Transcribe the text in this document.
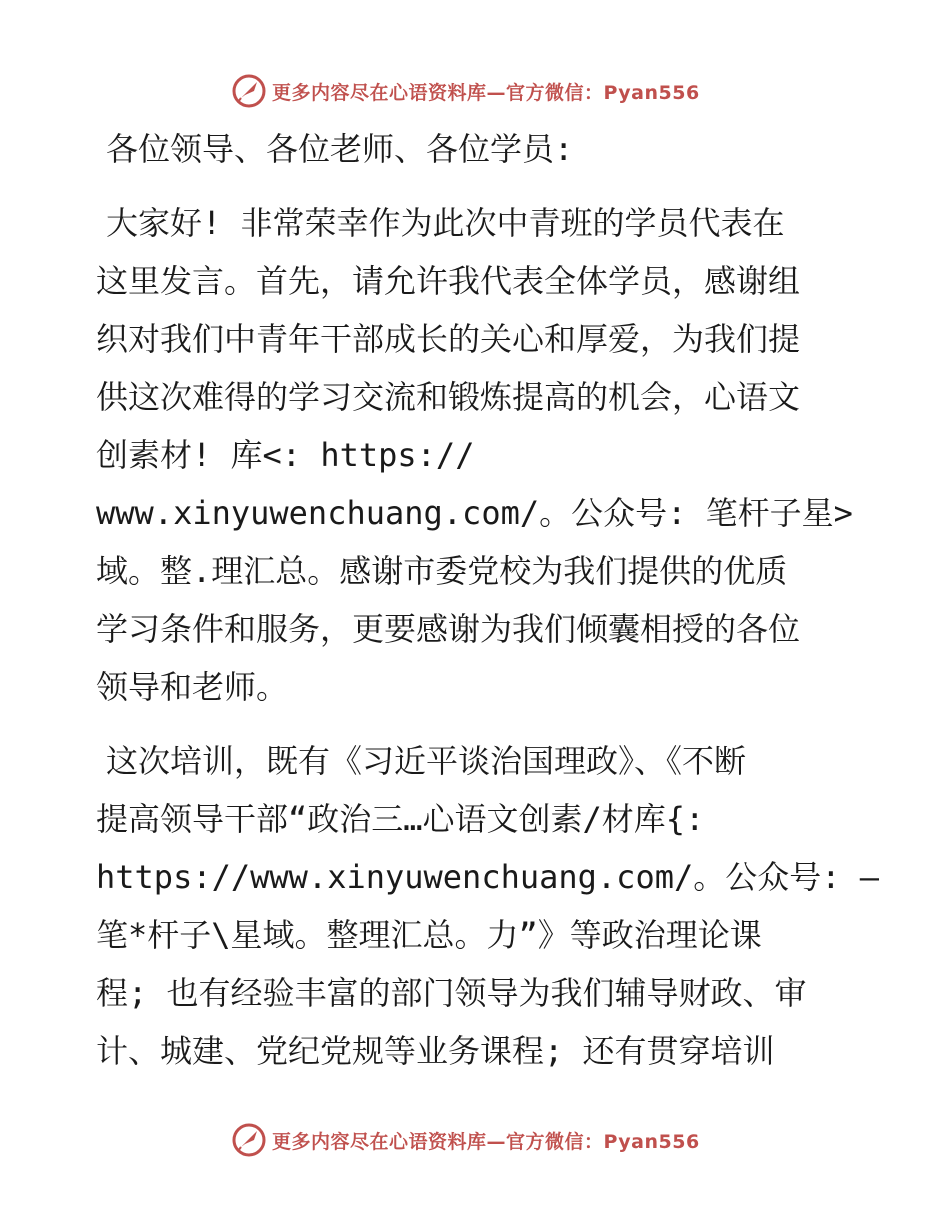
更多内容尽在心语资料库—官方微信：Pyan556
各位领导、各位老师、各位学员:
大家好! 非常荣幸作为此次中青班的学员代表在
这里发言。首先，请允许我代表全体学员，感谢组
织对我们中青年干部成长的关心和厚爱，为我们提
供这次难得的学习交流和锻炼提高的机会，心语文
创素材! 库<: https://
www.xinyuwenchuang.com/。公众号: 笔杆子星>
域。整.理汇总。感谢市委党校为我们提供的优质
学习条件和服务，更要感谢为我们倾囊相授的各位
领导和老师。
这次培训，既有《习近平谈治国理政》、《不断
提高领导干部“政治三…心语文创素/材库{:
https://www.xinyuwenchuang.com/。公众号: —
笔*杆子\星域。整理汇总。力”》等政治理论课
程; 也有经验丰富的部门领导为我们辅导财政、审
计、城建、党纪党规等业务课程; 还有贯穿培训
更多内容尽在心语资料库—官方微信：Pyan556
